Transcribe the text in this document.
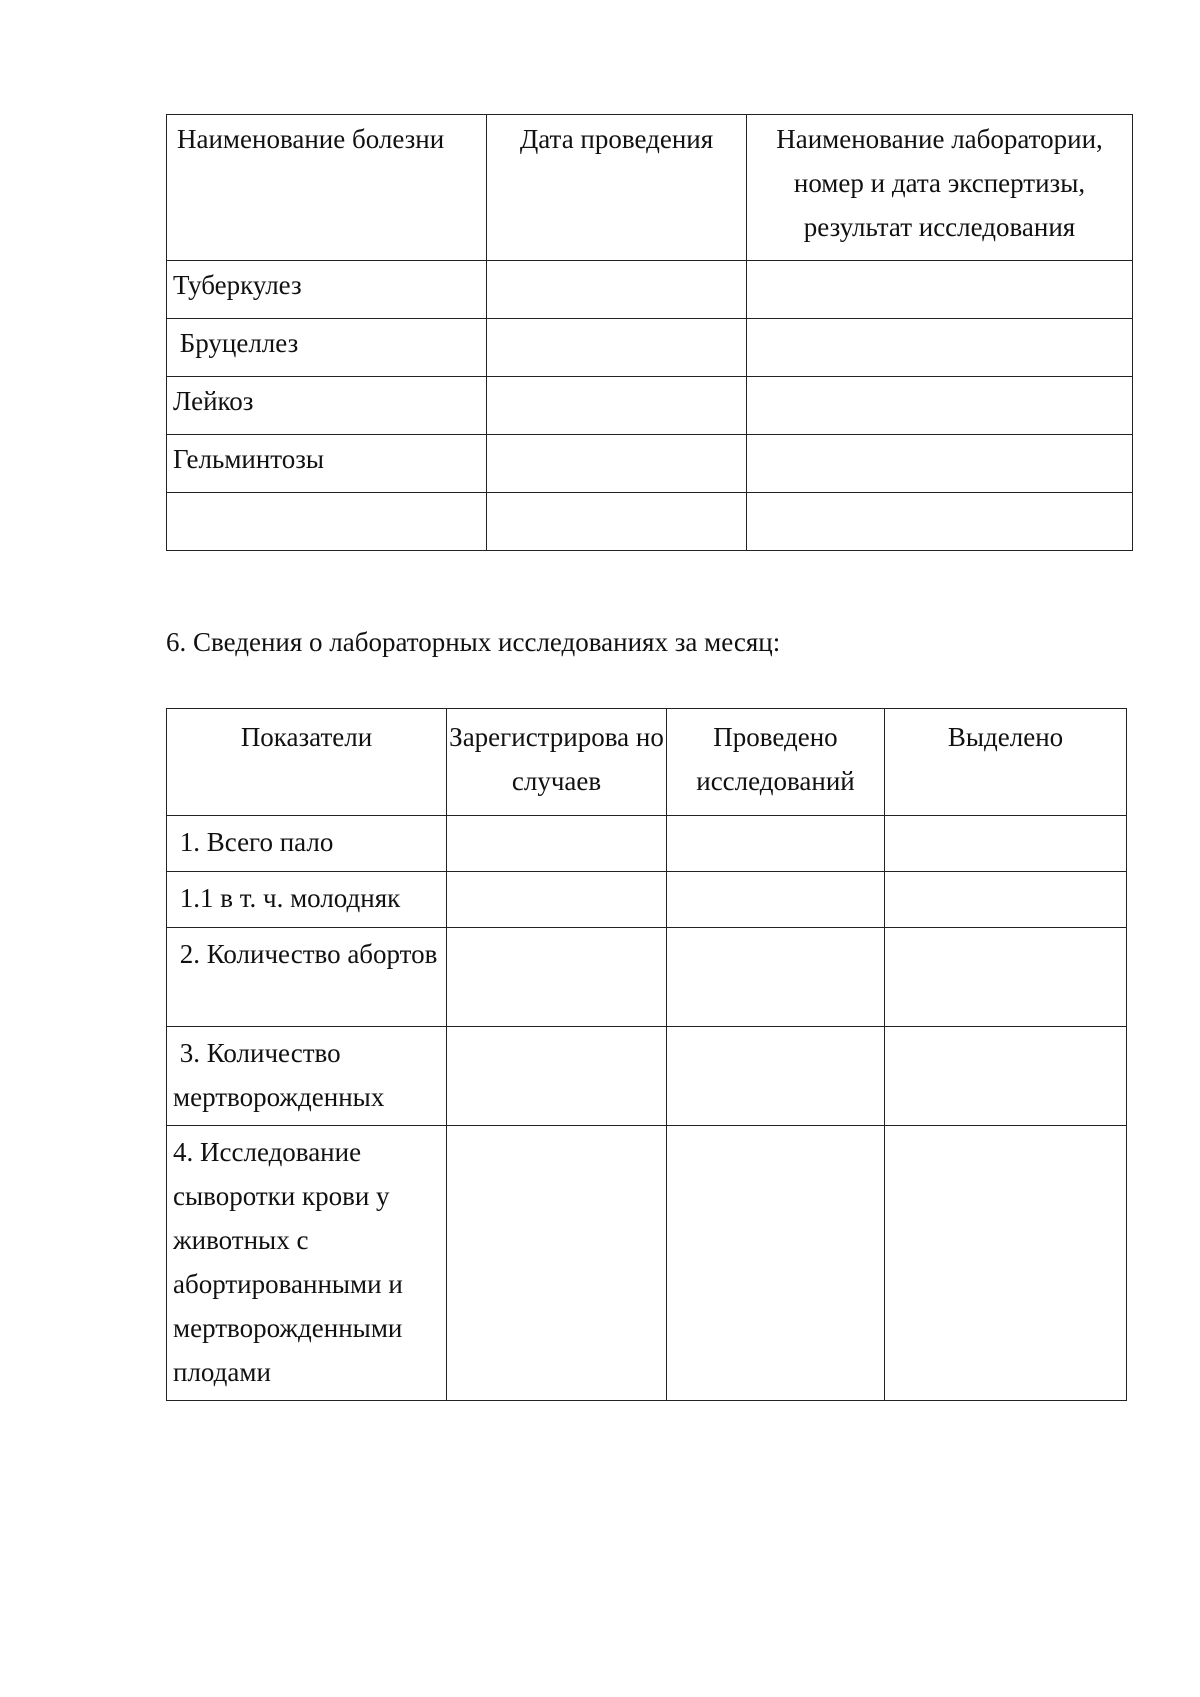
Наименование болезни	Дата проведения	Наименование лаборатории, номер и дата экспертизы, результат исследования
Туберкулез		
Бруцеллез		
Лейкоз		
Гельминтозы		

6. Сведения о лабораторных исследованиях за месяц:

Показатели	Зарегистрирова но случаев	Проведено исследований	Выделено
1. Всего пало			
1.1 в т. ч. молодняк			
2. Количество абортов			
3. Количество мертворожденных			
4. Исследование сыворотки крови у животных с абортированными и мертворожденными плодами			
